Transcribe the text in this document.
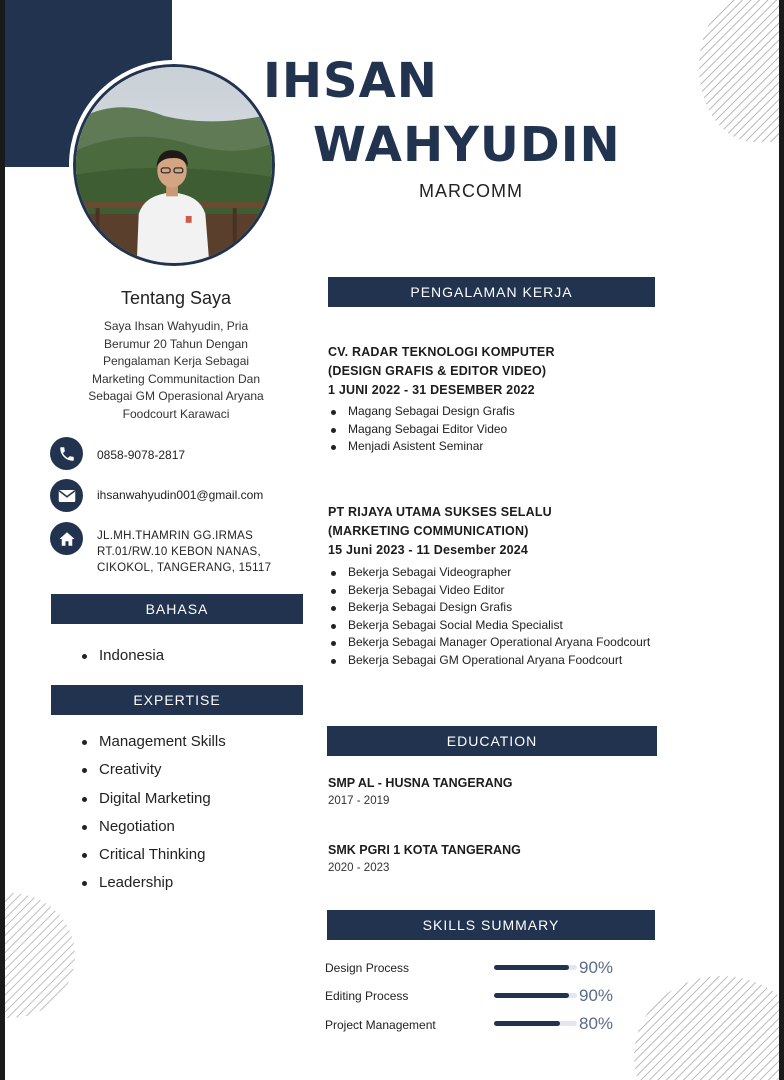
IHSAN
WAHYUDIN
MARCOMM
Tentang Saya
Saya Ihsan Wahyudin, Pria
Berumur 20 Tahun Dengan
Pengalaman Kerja Sebagai
Marketing Communitaction Dan
Sebagai GM Operasional Aryana
Foodcourt Karawaci
0858-9078-2817
ihsanwahyudin001@gmail.com
JL.MH.THAMRIN GG.IRMAS
RT.01/RW.10 KEBON NANAS,
CIKOKOL, TANGERANG, 15117
BAHASA
Indonesia
EXPERTISE
Management Skills
Creativity
Digital Marketing
Negotiation
Critical Thinking
Leadership
PENGALAMAN KERJA
CV. RADAR TEKNOLOGI KOMPUTER
(DESIGN GRAFIS & EDITOR VIDEO)
1 JUNI 2022 - 31 DESEMBER 2022
Magang Sebagai Design Grafis
Magang Sebagai Editor Video
Menjadi Asistent Seminar
PT RIJAYA UTAMA SUKSES SELALU
(MARKETING COMMUNICATION)
15 Juni 2023 - 11 Desember 2024
Bekerja Sebagai Videographer
Bekerja Sebagai Video Editor
Bekerja Sebagai Design Grafis
Bekerja Sebagai Social Media Specialist
Bekerja Sebagai Manager Operational Aryana Foodcourt
Bekerja Sebagai GM Operational Aryana Foodcourt
EDUCATION
SMP AL - HUSNA TANGERANG
2017 - 2019
SMK PGRI 1 KOTA TANGERANG
2020 - 2023
SKILLS SUMMARY
Design Process	90%
Editing Process	90%
Project Management	80%
